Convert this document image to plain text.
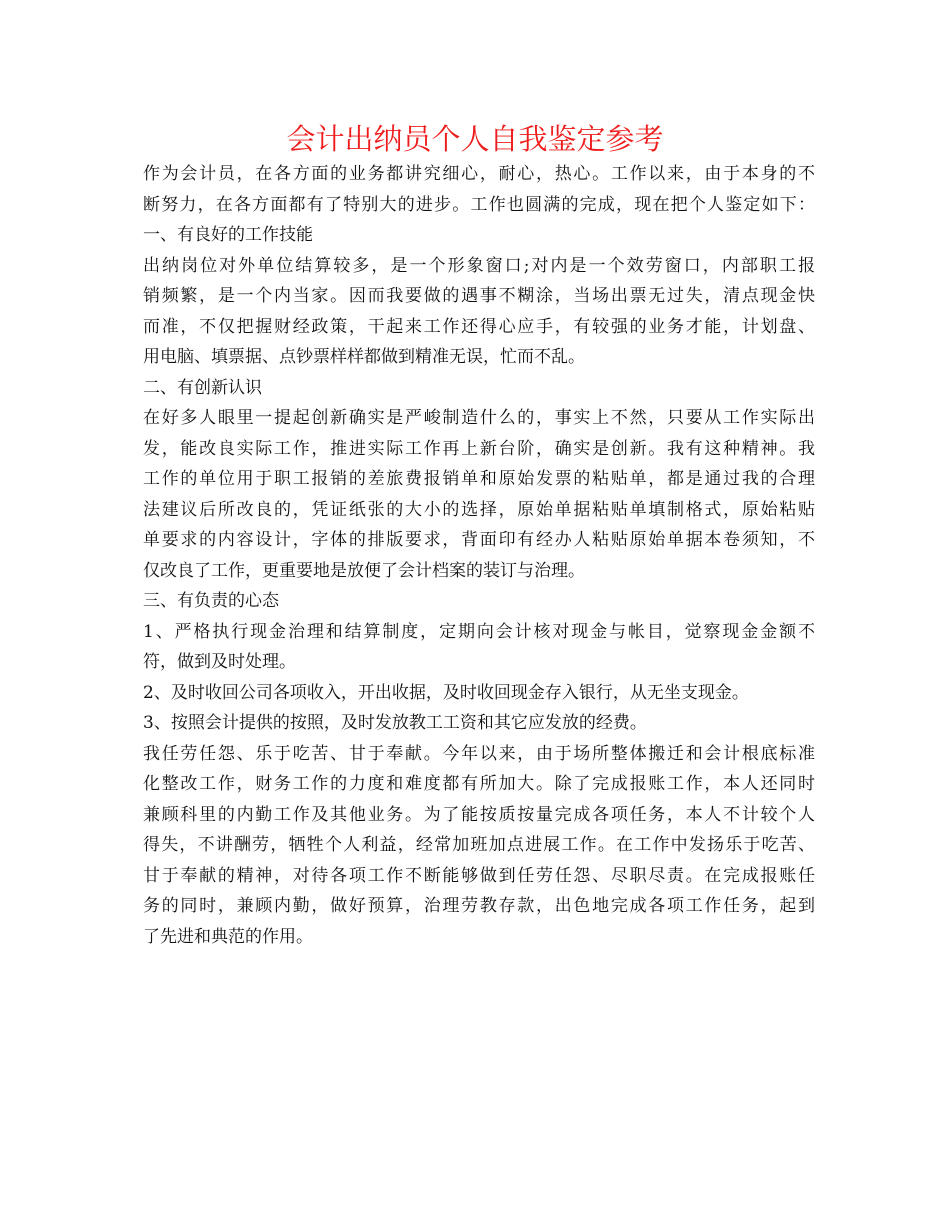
会计出纳员个人自我鉴定参考
作为会计员，在各方面的业务都讲究细心，耐心，热心。工作以来，由于本身的不
断努力，在各方面都有了特别大的进步。工作也圆满的完成，现在把个人鉴定如下：
一、有良好的工作技能
出纳岗位对外单位结算较多，是一个形象窗口;对内是一个效劳窗口，内部职工报
销频繁，是一个内当家。因而我要做的遇事不糊涂，当场出票无过失，清点现金快
而准，不仅把握财经政策，干起来工作还得心应手，有较强的业务才能，计划盘、
用电脑、填票据、点钞票样样都做到精准无误，忙而不乱。
二、有创新认识
在好多人眼里一提起创新确实是严峻制造什么的，事实上不然，只要从工作实际出
发，能改良实际工作，推进实际工作再上新台阶，确实是创新。我有这种精神。我
工作的单位用于职工报销的差旅费报销单和原始发票的粘贴单，都是通过我的合理
法建议后所改良的，凭证纸张的大小的选择，原始单据粘贴单填制格式，原始粘贴
单要求的内容设计，字体的排版要求，背面印有经办人粘贴原始单据本卷须知，不
仅改良了工作，更重要地是放便了会计档案的装订与治理。
三、有负责的心态
1、严格执行现金治理和结算制度，定期向会计核对现金与帐目，觉察现金金额不
符，做到及时处理。
2、及时收回公司各项收入，开出收据，及时收回现金存入银行，从无坐支现金。
3、按照会计提供的按照，及时发放教工工资和其它应发放的经费。
我任劳任怨、乐于吃苦、甘于奉献。今年以来，由于场所整体搬迁和会计根底标准
化整改工作，财务工作的力度和难度都有所加大。除了完成报账工作，本人还同时
兼顾科里的内勤工作及其他业务。为了能按质按量完成各项任务，本人不计较个人
得失，不讲酬劳，牺牲个人利益，经常加班加点进展工作。在工作中发扬乐于吃苦、
甘于奉献的精神，对待各项工作不断能够做到任劳任怨、尽职尽责。在完成报账任
务的同时，兼顾内勤，做好预算，治理劳教存款，出色地完成各项工作任务，起到
了先进和典范的作用。
